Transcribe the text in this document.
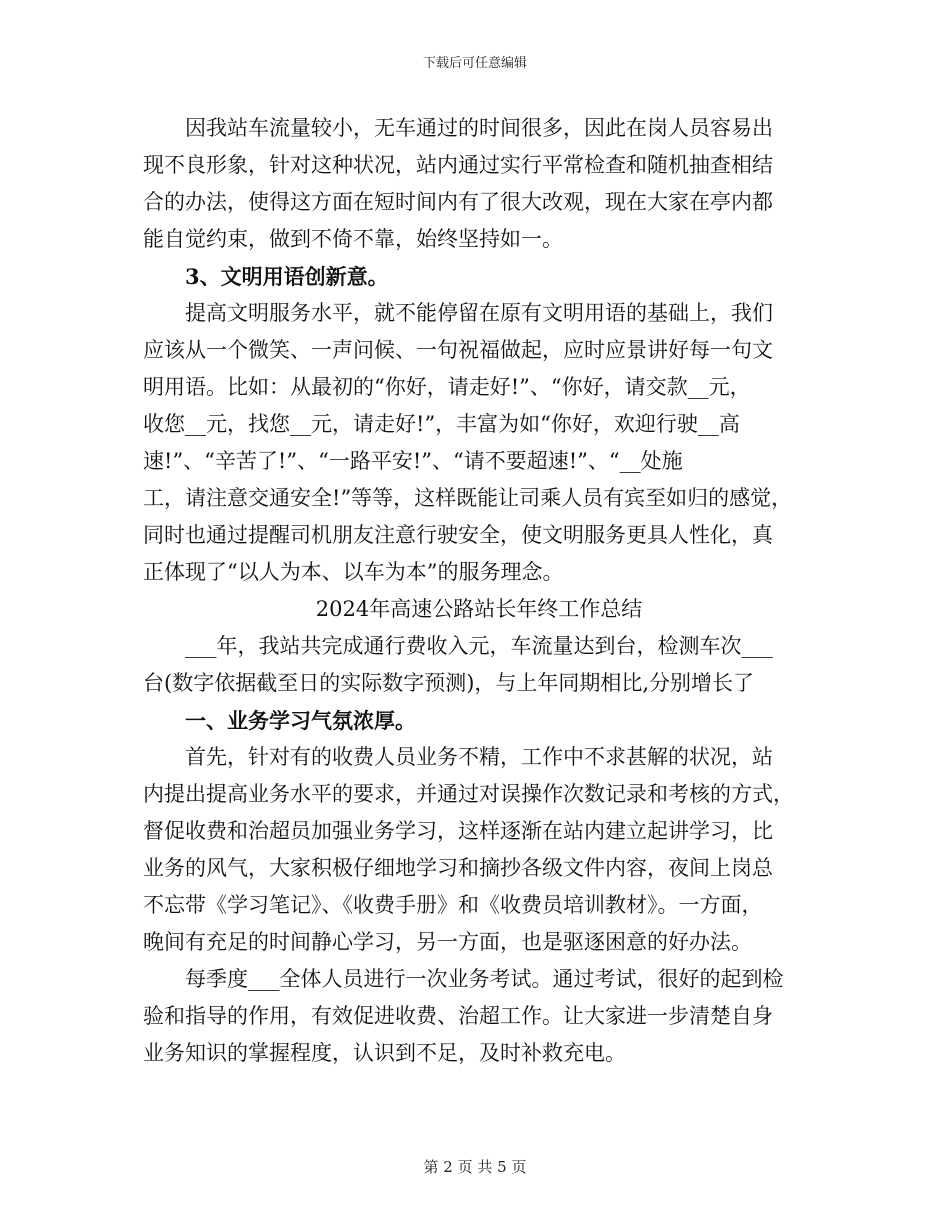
下载后可任意编辑
　　因我站车流量较小，无车通过的时间很多，因此在岗人员容易出
现不良形象，针对这种状况，站内通过实行平常检查和随机抽查相结
合的办法，使得这方面在短时间内有了很大改观，现在大家在亭内都
能自觉约束，做到不倚不靠，始终坚持如一。
　　3、文明用语创新意。
　　提高文明服务水平，就不能停留在原有文明用语的基础上，我们
应该从一个微笑、一声问候、一句祝福做起，应时应景讲好每一句文
明用语。比如：从最初的“你好，请走好!”、“你好，请交款__元，
收您__元，找您__元，请走好!”，丰富为如“你好，欢迎行驶__高
速!”、“辛苦了!”、“一路平安!”、“请不要超速!”、“__处施
工，请注意交通安全!”等等，这样既能让司乘人员有宾至如归的感觉，
同时也通过提醒司机朋友注意行驶安全，使文明服务更具人性化，真
正体现了“以人为本、以车为本”的服务理念。
2024年高速公路站长年终工作总结
　　___年，我站共完成通行费收入元，车流量达到台，检测车次___
台(数字依据截至日的实际数字预测)，与上年同期相比,分别增长了
　　一、业务学习气氛浓厚。
　　首先，针对有的收费人员业务不精，工作中不求甚解的状况，站
内提出提高业务水平的要求，并通过对误操作次数记录和考核的方式，
督促收费和治超员加强业务学习，这样逐渐在站内建立起讲学习，比
业务的风气，大家积极仔细地学习和摘抄各级文件内容，夜间上岗总
不忘带《学习笔记》、《收费手册》和《收费员培训教材》。一方面，
晚间有充足的时间静心学习，另一方面，也是驱逐困意的好办法。
　　每季度___全体人员进行一次业务考试。通过考试，很好的起到检
验和指导的作用，有效促进收费、治超工作。让大家进一步清楚自身
业务知识的掌握程度，认识到不足，及时补救充电。
第 2 页 共 5 页
